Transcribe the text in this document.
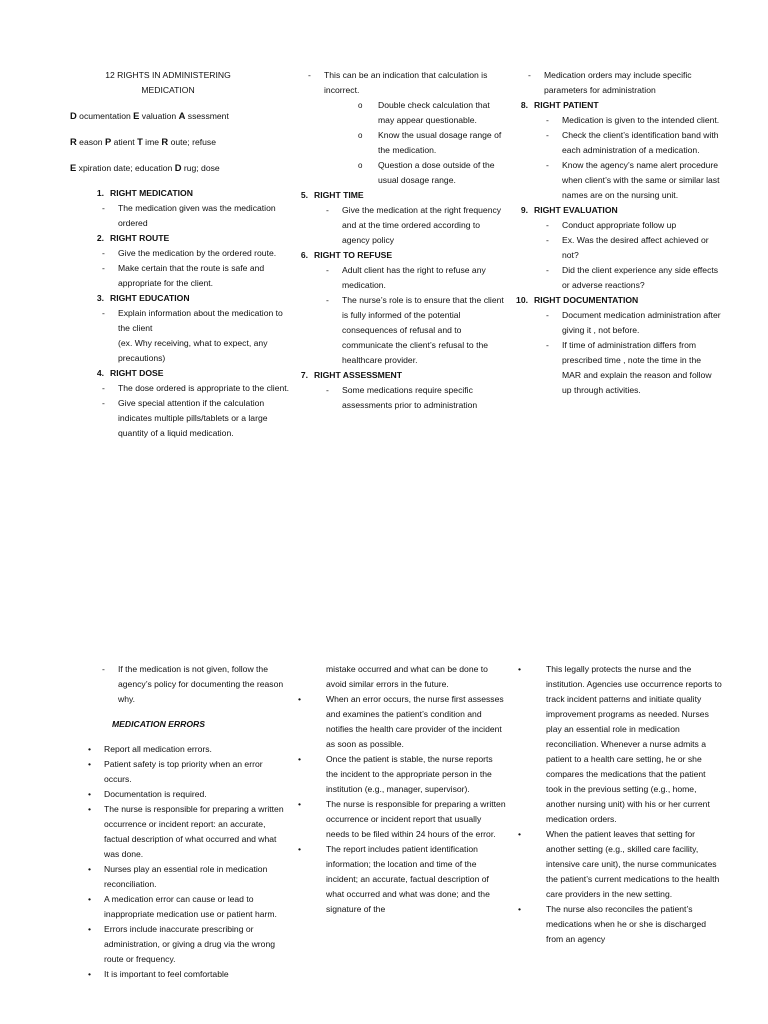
12 RIGHTS IN ADMINISTERING
MEDICATION
D ocumentation E valuation A ssessment
R eason P atient T ime R oute; refuse
E xpiration date; education D rug; dose
1. RIGHT MEDICATION
-	The medication given was the medication ordered
2. RIGHT ROUTE
-	Give the medication by the ordered route.
-	Make certain that the route is safe and appropriate for the client.
3. RIGHT EDUCATION
-	Explain information about the medication to the client
(ex. Why receiving, what to expect, any precautions)
4. RIGHT DOSE
-	The dose ordered is appropriate to the client.
-	Give special attention if the calculation indicates multiple pills/tablets or a large quantity of a liquid medication.
-	This can be an indication that calculation is incorrect.
o	Double check calculation that may appear questionable.
o	Know the usual dosage range of the medication.
o	Question a dose outside of the usual dosage range.
5. RIGHT TIME
-	Give the medication at the right frequency and at the time ordered according to agency policy
6. RIGHT TO REFUSE
-	Adult client has the right to refuse any medication.
-	The nurse’s role is to ensure that the client is fully informed of the potential consequences of refusal and to communicate the client’s refusal to the healthcare provider.
7. RIGHT ASSESSMENT
-	Some medications require specific assessments prior to administration
-	Medication orders may include specific parameters for administration
8. RIGHT PATIENT
-	Medication is given to the intended client.
-	Check the client’s identification band with each administration of a medication.
-	Know the agency’s name alert procedure when client’s with the same or similar last names are on the nursing unit.
9. RIGHT EVALUATION
-	Conduct appropriate follow up
-	Ex. Was the desired affect achieved or not?
-	Did the client experience any side effects or adverse reactions?
10. RIGHT DOCUMENTATION
-	Document medication administration after giving it , not before.
-	If time of administration differs from prescribed time , note the time in the MAR and explain the reason and follow up through activities.
-	If the medication is not given, follow the agency’s policy for documenting the reason why.
MEDICATION ERRORS
•	Report all medication errors.
•	Patient safety is top priority when an error occurs.
•	Documentation is required.
•	The nurse is responsible for preparing a written occurrence or incident report: an accurate, factual description of what occurred and what was done.
•	Nurses play an essential role in medication reconciliation.
•	A medication error can cause or lead to inappropriate medication use or patient harm.
•	Errors include inaccurate prescribing or administration, or giving a drug via the wrong route or frequency.
•	It is important to feel comfortable
mistake occurred and what can be done to avoid similar errors in the future.
•	When an error occurs, the nurse first assesses and examines the patient’s condition and notifies the health care provider of the incident as soon as possible.
•	Once the patient is stable, the nurse reports the incident to the appropriate person in the institution (e.g., manager, supervisor).
•	The nurse is responsible for preparing a written occurrence or incident report that usually needs to be filed within 24 hours of the error.
•	The report includes patient identification information; the location and time of the incident; an accurate, factual description of what occurred and what was done; and the signature of the
•	This legally protects the nurse and the institution. Agencies use occurrence reports to track incident patterns and initiate quality improvement programs as needed. Nurses play an essential role in medication reconciliation. Whenever a nurse admits a patient to a health care setting, he or she compares the medications that the patient took in the previous setting (e.g., home, another nursing unit) with his or her current medication orders.
•	When the patient leaves that setting for another setting (e.g., skilled care facility, intensive care unit), the nurse communicates the patient’s current medications to the health care providers in the new setting.
•	The nurse also reconciles the patient’s medications when he or she is discharged from an agency
